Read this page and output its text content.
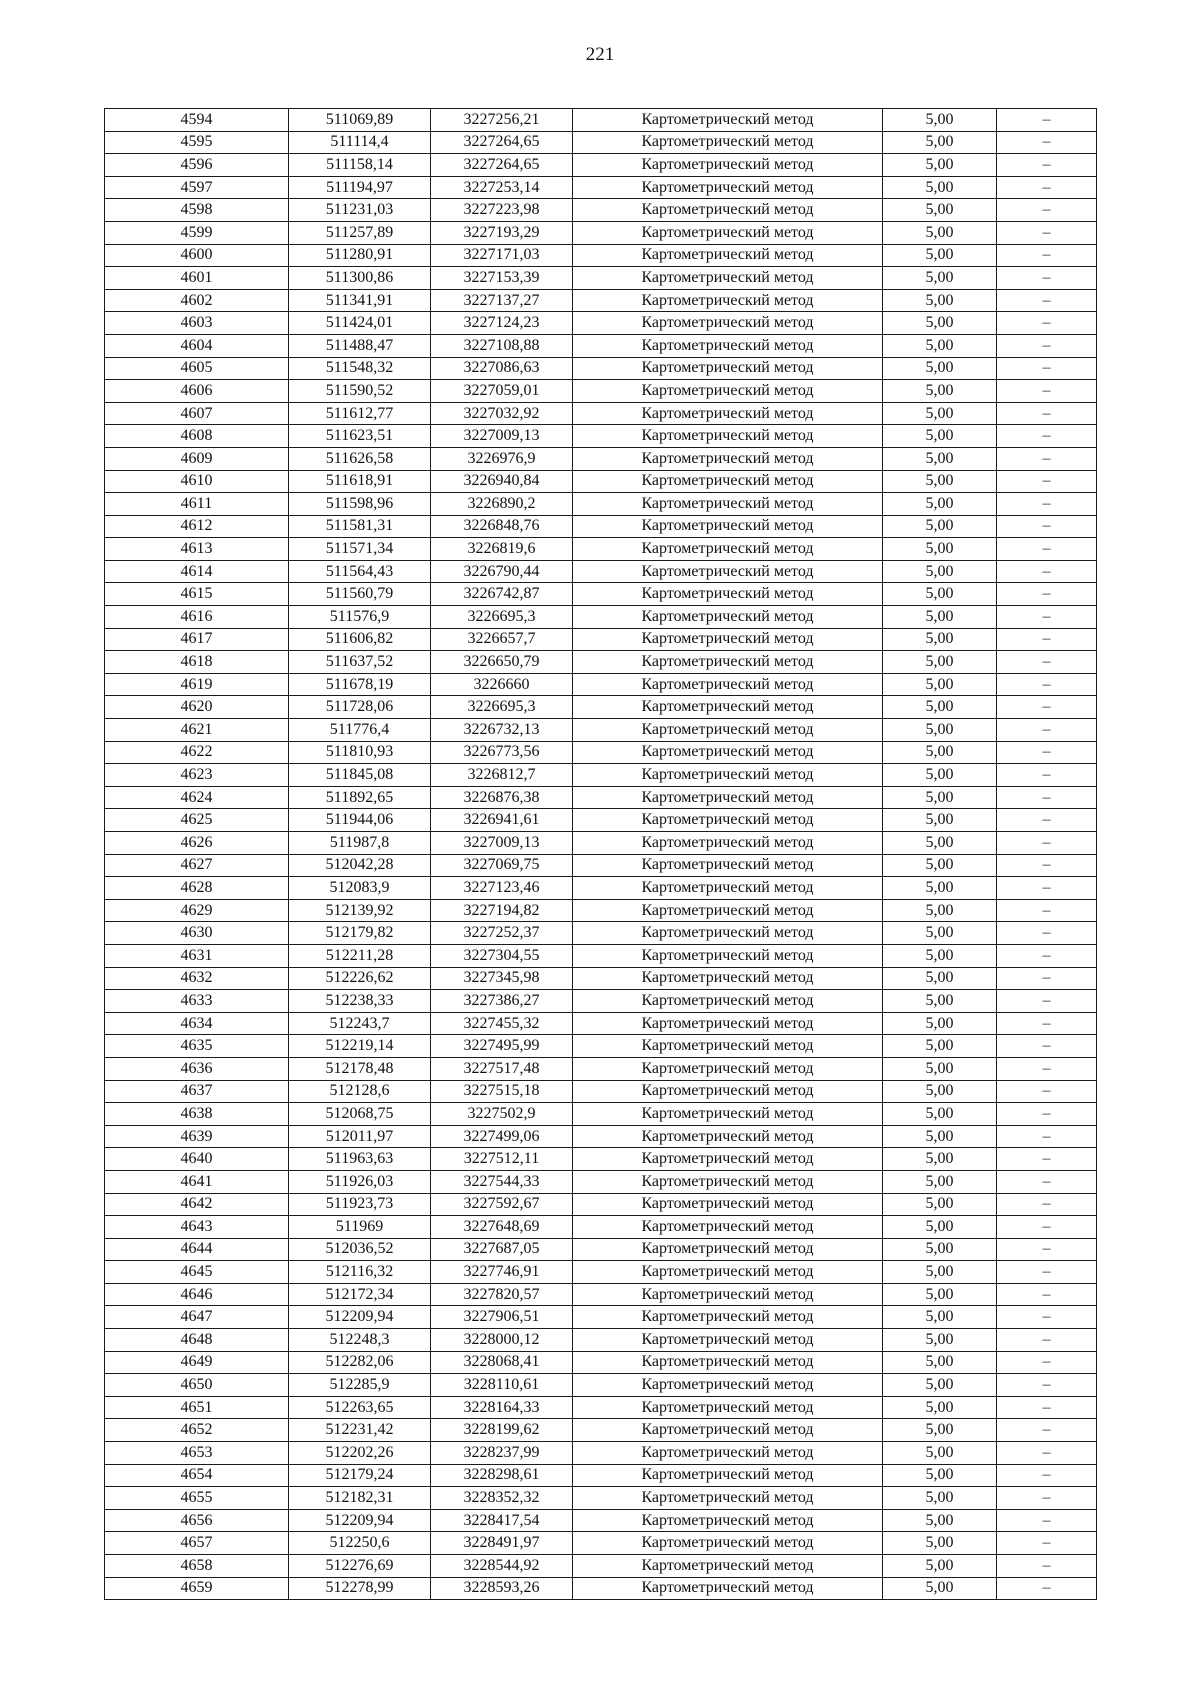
221
4594	511069,89	3227256,21	Картометрический метод	5,00	–
4595	511114,4	3227264,65	Картометрический метод	5,00	–
4596	511158,14	3227264,65	Картометрический метод	5,00	–
4597	511194,97	3227253,14	Картометрический метод	5,00	–
4598	511231,03	3227223,98	Картометрический метод	5,00	–
4599	511257,89	3227193,29	Картометрический метод	5,00	–
4600	511280,91	3227171,03	Картометрический метод	5,00	–
4601	511300,86	3227153,39	Картометрический метод	5,00	–
4602	511341,91	3227137,27	Картометрический метод	5,00	–
4603	511424,01	3227124,23	Картометрический метод	5,00	–
4604	511488,47	3227108,88	Картометрический метод	5,00	–
4605	511548,32	3227086,63	Картометрический метод	5,00	–
4606	511590,52	3227059,01	Картометрический метод	5,00	–
4607	511612,77	3227032,92	Картометрический метод	5,00	–
4608	511623,51	3227009,13	Картометрический метод	5,00	–
4609	511626,58	3226976,9	Картометрический метод	5,00	–
4610	511618,91	3226940,84	Картометрический метод	5,00	–
4611	511598,96	3226890,2	Картометрический метод	5,00	–
4612	511581,31	3226848,76	Картометрический метод	5,00	–
4613	511571,34	3226819,6	Картометрический метод	5,00	–
4614	511564,43	3226790,44	Картометрический метод	5,00	–
4615	511560,79	3226742,87	Картометрический метод	5,00	–
4616	511576,9	3226695,3	Картометрический метод	5,00	–
4617	511606,82	3226657,7	Картометрический метод	5,00	–
4618	511637,52	3226650,79	Картометрический метод	5,00	–
4619	511678,19	3226660	Картометрический метод	5,00	–
4620	511728,06	3226695,3	Картометрический метод	5,00	–
4621	511776,4	3226732,13	Картометрический метод	5,00	–
4622	511810,93	3226773,56	Картометрический метод	5,00	–
4623	511845,08	3226812,7	Картометрический метод	5,00	–
4624	511892,65	3226876,38	Картометрический метод	5,00	–
4625	511944,06	3226941,61	Картометрический метод	5,00	–
4626	511987,8	3227009,13	Картометрический метод	5,00	–
4627	512042,28	3227069,75	Картометрический метод	5,00	–
4628	512083,9	3227123,46	Картометрический метод	5,00	–
4629	512139,92	3227194,82	Картометрический метод	5,00	–
4630	512179,82	3227252,37	Картометрический метод	5,00	–
4631	512211,28	3227304,55	Картометрический метод	5,00	–
4632	512226,62	3227345,98	Картометрический метод	5,00	–
4633	512238,33	3227386,27	Картометрический метод	5,00	–
4634	512243,7	3227455,32	Картометрический метод	5,00	–
4635	512219,14	3227495,99	Картометрический метод	5,00	–
4636	512178,48	3227517,48	Картометрический метод	5,00	–
4637	512128,6	3227515,18	Картометрический метод	5,00	–
4638	512068,75	3227502,9	Картометрический метод	5,00	–
4639	512011,97	3227499,06	Картометрический метод	5,00	–
4640	511963,63	3227512,11	Картометрический метод	5,00	–
4641	511926,03	3227544,33	Картометрический метод	5,00	–
4642	511923,73	3227592,67	Картометрический метод	5,00	–
4643	511969	3227648,69	Картометрический метод	5,00	–
4644	512036,52	3227687,05	Картометрический метод	5,00	–
4645	512116,32	3227746,91	Картометрический метод	5,00	–
4646	512172,34	3227820,57	Картометрический метод	5,00	–
4647	512209,94	3227906,51	Картометрический метод	5,00	–
4648	512248,3	3228000,12	Картометрический метод	5,00	–
4649	512282,06	3228068,41	Картометрический метод	5,00	–
4650	512285,9	3228110,61	Картометрический метод	5,00	–
4651	512263,65	3228164,33	Картометрический метод	5,00	–
4652	512231,42	3228199,62	Картометрический метод	5,00	–
4653	512202,26	3228237,99	Картометрический метод	5,00	–
4654	512179,24	3228298,61	Картометрический метод	5,00	–
4655	512182,31	3228352,32	Картометрический метод	5,00	–
4656	512209,94	3228417,54	Картометрический метод	5,00	–
4657	512250,6	3228491,97	Картометрический метод	5,00	–
4658	512276,69	3228544,92	Картометрический метод	5,00	–
4659	512278,99	3228593,26	Картометрический метод	5,00	–
